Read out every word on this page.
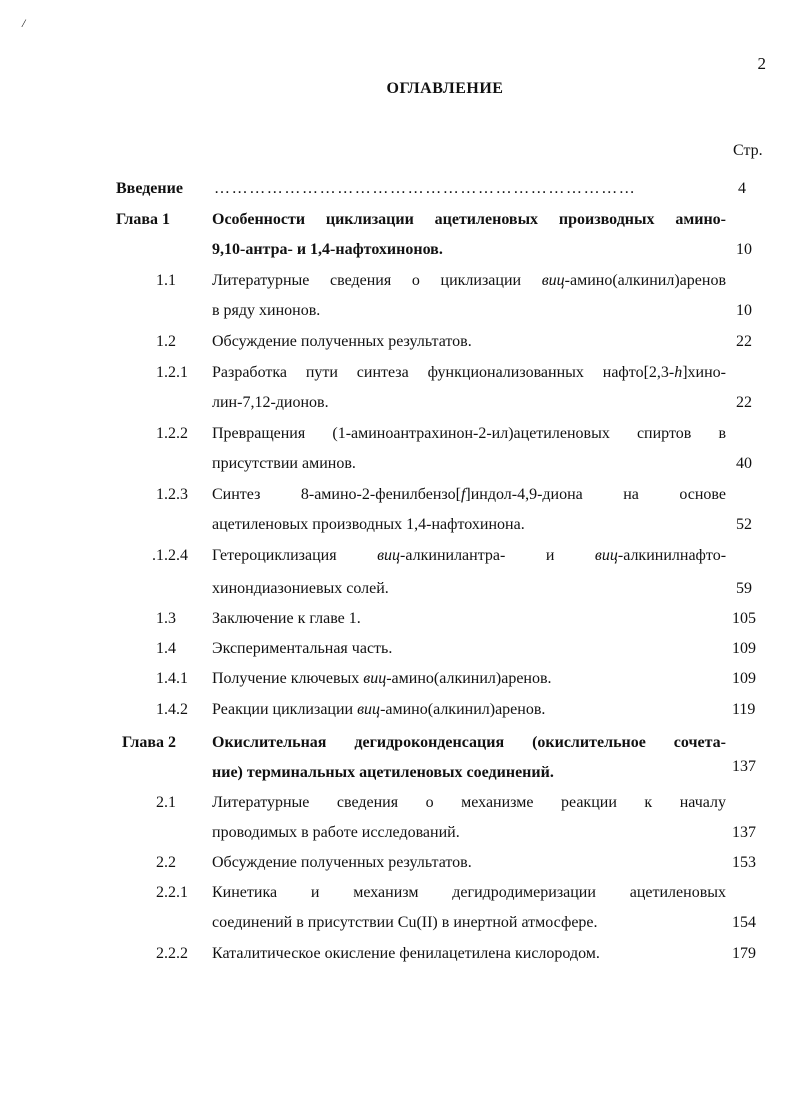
/
2
ОГЛАВЛЕНИЕ
Стр.
Введение ………………………………………………………………	4
Глава 1	Особенности циклизации ацетиленовых производных амино-
9,10-антра- и 1,4-нафтохинонов.	10
1.1 Литературные сведения о циклизации виц-амино(алкинил)аренов
в ряду хинонов.	10
1.2 Обсуждение полученных результатов.	22
1.2.1 Разработка пути синтеза функционализованных нафто[2,3-h]хино-
лин-7,12-дионов.	22
1.2.2 Превращения (1-аминоантрахинон-2-ил)ацетиленовых спиртов в
присутствии аминов.	40
1.2.3 Синтез 8-амино-2-фенилбензо[f]индол-4,9-диона на основе
ацетиленовых производных 1,4-нафтохинона.	52
.1.2.4 Гетероциклизация виц-алкинилантра- и виц-алкинилнафто-
хинондиазониевых солей.	59
1.3 Заключение к главе 1.	105
1.4 Экспериментальная часть.	109
1.4.1 Получение ключевых виц-амино(алкинил)аренов.	109
1.4.2 Реакции циклизации виц-амино(алкинил)аренов.	119
Глава 2 Окислительная дегидроконденсация (окислительное сочета-
ние) терминальных ацетиленовых соединений.	137
2.1 Литературные сведения о механизме реакции к началу
проводимых в работе исследований.	137
2.2 Обсуждение полученных результатов.	153
2.2.1 Кинетика и механизм дегидродимеризации ацетиленовых
соединений в присутствии Cu(II) в инертной атмосфере.	154
2.2.2 Каталитическое окисление фенилацетилена кислородом.	179
